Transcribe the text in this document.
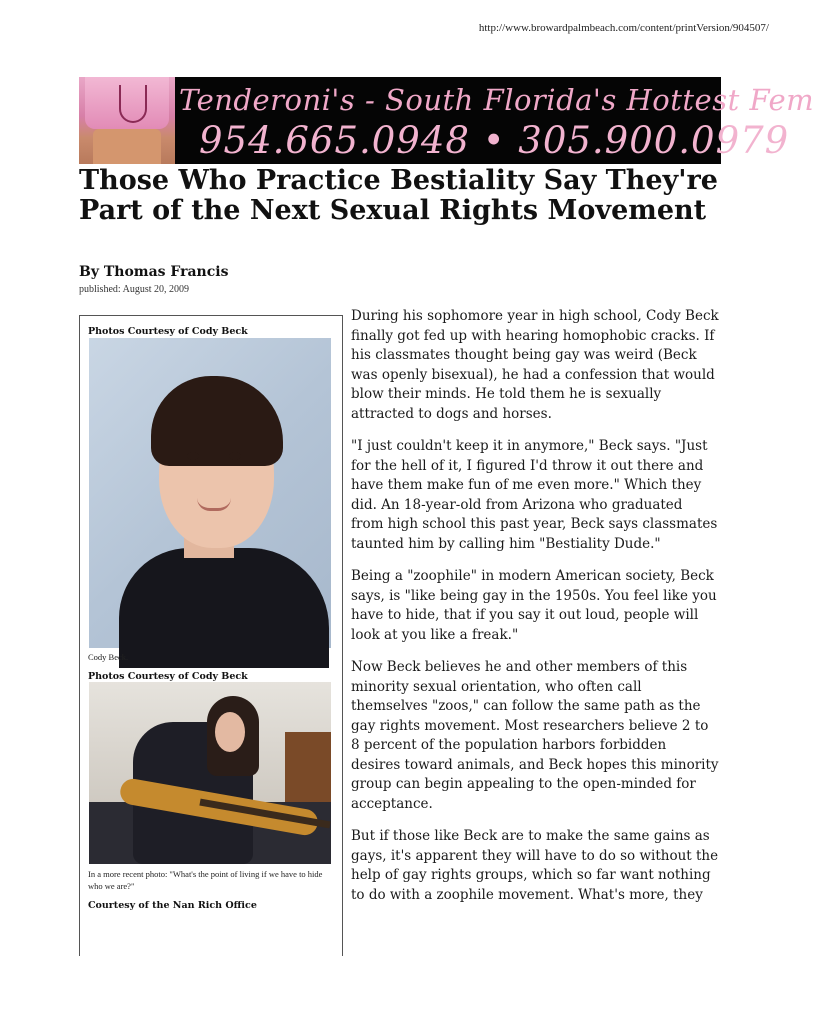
http://www.browardpalmbeach.com/content/printVersion/904507/
Tenderoni's - South Florida's Hottest Fem
954.665.0948 • 305.900.0979
Those Who Practice Bestiality Say They're Part of the Next Sexual Rights Movement
By Thomas Francis
published: August 20, 2009
Photos Courtesy of Cody Beck
Cody Beck.
Photos Courtesy of Cody Beck
In a more recent photo: "What's the point of living if we have to hide who we are?"
Courtesy of the Nan Rich Office

During his sophomore year in high school, Cody Beck finally got fed up with hearing homophobic cracks. If his classmates thought being gay was weird (Beck was openly bisexual), he had a confession that would blow their minds. He told them he is sexually attracted to dogs and horses.

"I just couldn't keep it in anymore," Beck says. "Just for the hell of it, I figured I'd throw it out there and have them make fun of me even more." Which they did. An 18-year-old from Arizona who graduated from high school this past year, Beck says classmates taunted him by calling him "Bestiality Dude."

Being a "zoophile" in modern American society, Beck says, is "like being gay in the 1950s. You feel like you have to hide, that if you say it out loud, people will look at you like a freak."

Now Beck believes he and other members of this minority sexual orientation, who often call themselves "zoos," can follow the same path as the gay rights movement. Most researchers believe 2 to 8 percent of the population harbors forbidden desires toward animals, and Beck hopes this minority group can begin appealing to the open-minded for acceptance.

But if those like Beck are to make the same gains as gays, it's apparent they will have to do so without the help of gay rights groups, which so far want nothing to do with a zoophile movement. What's more, they
